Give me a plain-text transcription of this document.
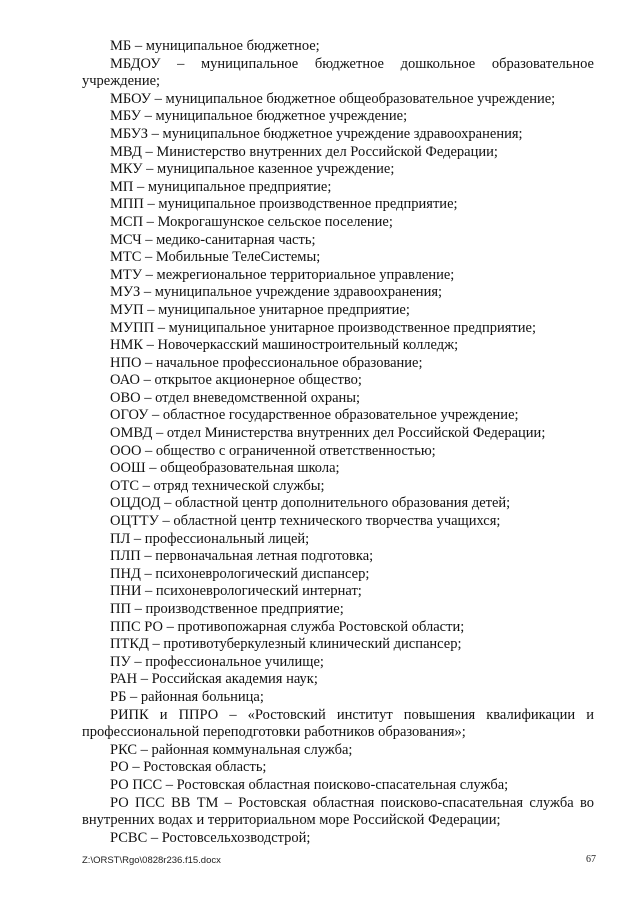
МБ – муниципальное бюджетное;

МБДОУ – муниципальное бюджетное дошкольное образовательное учреждение;

МБОУ – муниципальное бюджетное общеобразовательное учреждение;

МБУ – муниципальное бюджетное учреждение;

МБУЗ – муниципальное бюджетное учреждение здравоохранения;

МВД – Министерство внутренних дел Российской Федерации;

МКУ – муниципальное казенное учреждение;

МП – муниципальное предприятие;

МПП – муниципальное производственное предприятие;

МСП – Мокрогашунское сельское поселение;

МСЧ – медико-санитарная часть;

МТС – Мобильные ТелеСистемы;

МТУ – межрегиональное территориальное управление;

МУЗ – муниципальное учреждение здравоохранения;

МУП – муниципальное унитарное предприятие;

МУПП – муниципальное унитарное производственное предприятие;

НМК – Новочеркасский машиностроительный колледж;

НПО – начальное профессиональное образование;

ОАО – открытое акционерное общество;

ОВО – отдел вневедомственной охраны;

ОГОУ – областное государственное образовательное учреждение;

ОМВД – отдел Министерства внутренних дел Российской Федерации;

ООО – общество с ограниченной ответственностью;

ООШ – общеобразовательная школа;

ОТС – отряд технической службы;

ОЦДОД – областной центр дополнительного образования детей;

ОЦТТУ – областной центр технического творчества учащихся;

ПЛ – профессиональный лицей;

ПЛП – первоначальная летная подготовка;

ПНД – психоневрологический диспансер;

ПНИ – психоневрологический интернат;

ПП – производственное предприятие;

ППС РО – противопожарная служба Ростовской области;

ПТКД – противотуберкулезный клинический диспансер;

ПУ – профессиональное училище;

РАН – Российская академия наук;

РБ – районная больница;

РИПК и ППРО – «Ростовский институт повышения квалификации и профессиональной переподготовки работников образования»;

РКС – районная коммунальная служба;

РО – Ростовская область;

РО ПСС – Ростовская областная поисково-спасательная служба;

РО ПСС ВВ ТМ – Ростовская областная поисково-спасательная служба во внутренних водах и территориальном море Российской Федерации;

РСВС – Ростовсельхозводстрой;

Z:\ORST\Rgo\0828r236.f15.docx	67
